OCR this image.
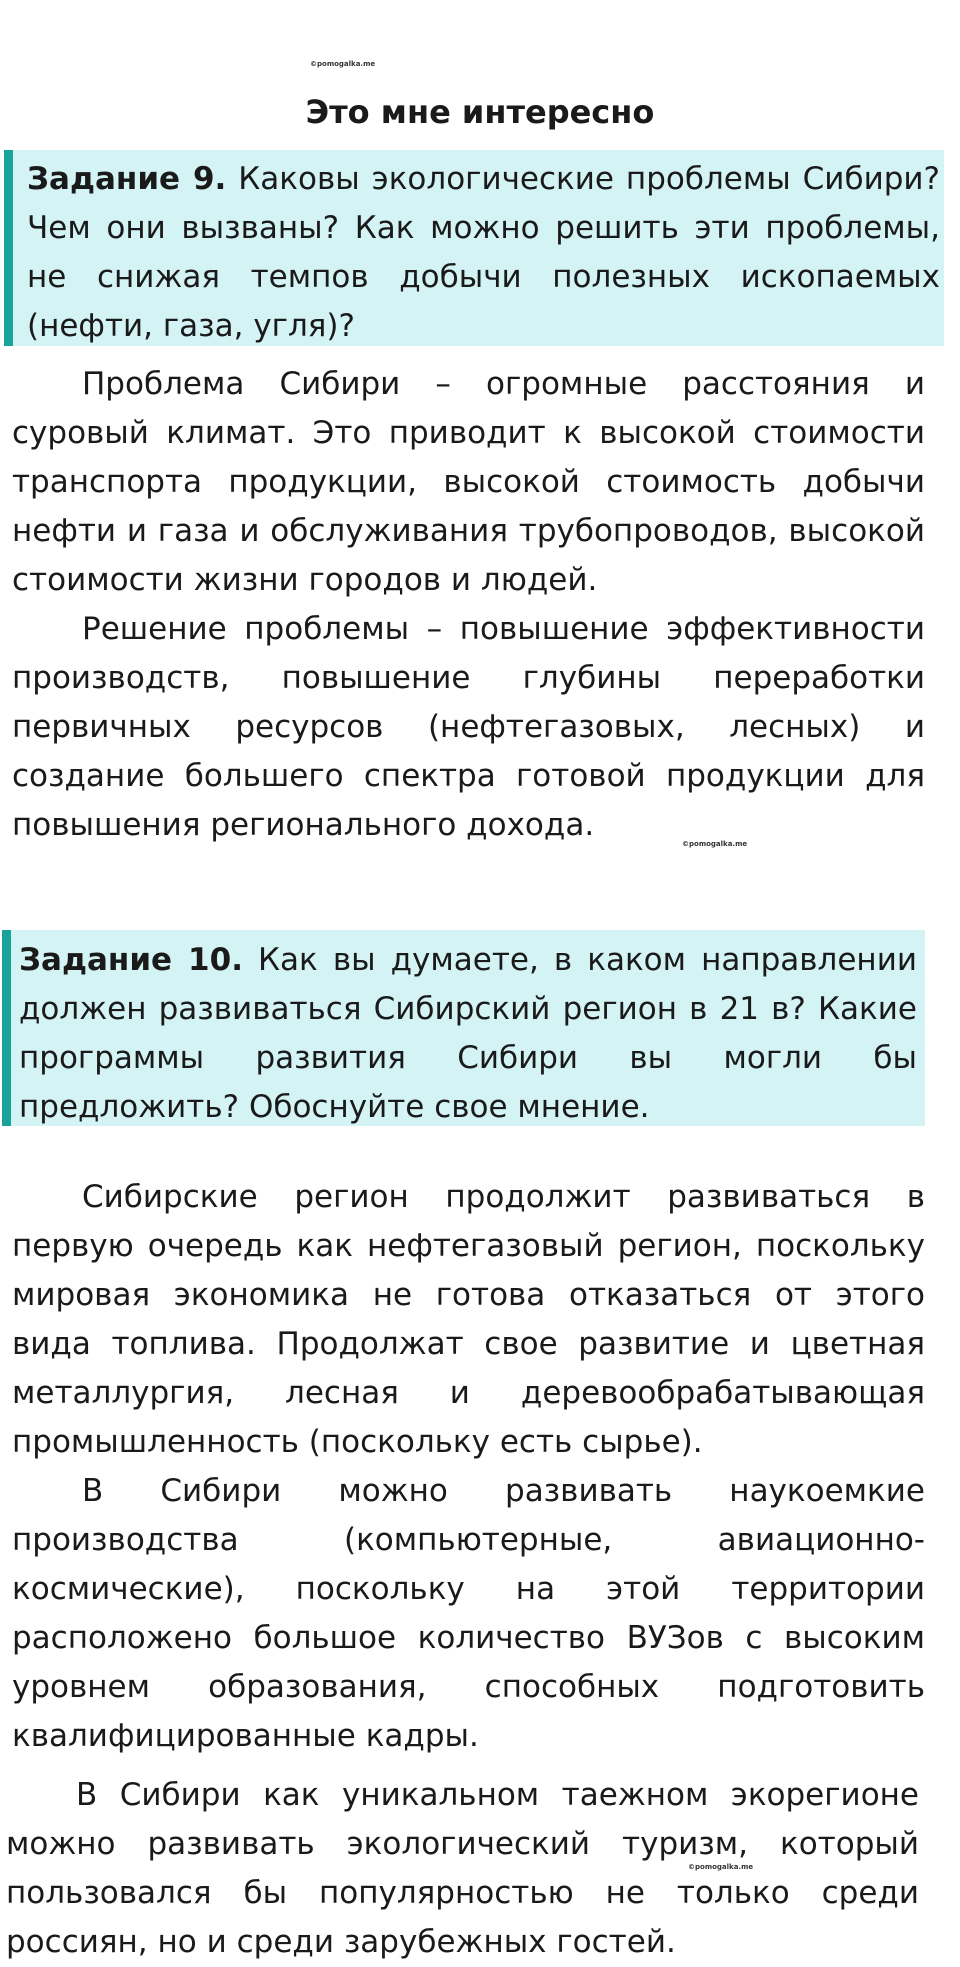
©pomogalka.me
Это мне интересно

Задание 9. Каковы экологические проблемы Сибири? Чем они вызваны? Как можно решить эти проблемы, не снижая темпов добычи полезных ископаемых (нефти, газа, угля)?

Проблема Сибири – огромные расстояния и суровый климат. Это приводит к высокой стоимости транспорта продукции, высокой стоимость добычи нефти и газа и обслуживания трубопроводов, высокой стоимости жизни городов и людей.

Решение проблемы – повышение эффективности производств, повышение глубины переработки первичных ресурсов (нефтегазовых, лесных) и создание большего спектра готовой продукции для повышения регионального дохода.

©pomogalka.me

Задание 10. Как вы думаете, в каком направлении должен развиваться Сибирский регион в 21 в? Какие программы развития Сибири вы могли бы предложить? Обоснуйте свое мнение.

Сибирские регион продолжит развиваться в первую очередь как нефтегазовый регион, поскольку мировая экономика не готова отказаться от этого вида топлива. Продолжат свое развитие и цветная металлургия, лесная и деревообрабатывающая промышленность (поскольку есть сырье).

В Сибири можно развивать наукоемкие производства (компьютерные, авиационно-космические), поскольку на этой территории расположено большое количество ВУЗов с высоким уровнем образования, способных подготовить квалифицированные кадры.

В Сибири как уникальном таежном экорегионе можно развивать экологический туризм, который пользовался бы популярностью не только среди россиян, но и среди зарубежных гостей.

©pomogalka.me
